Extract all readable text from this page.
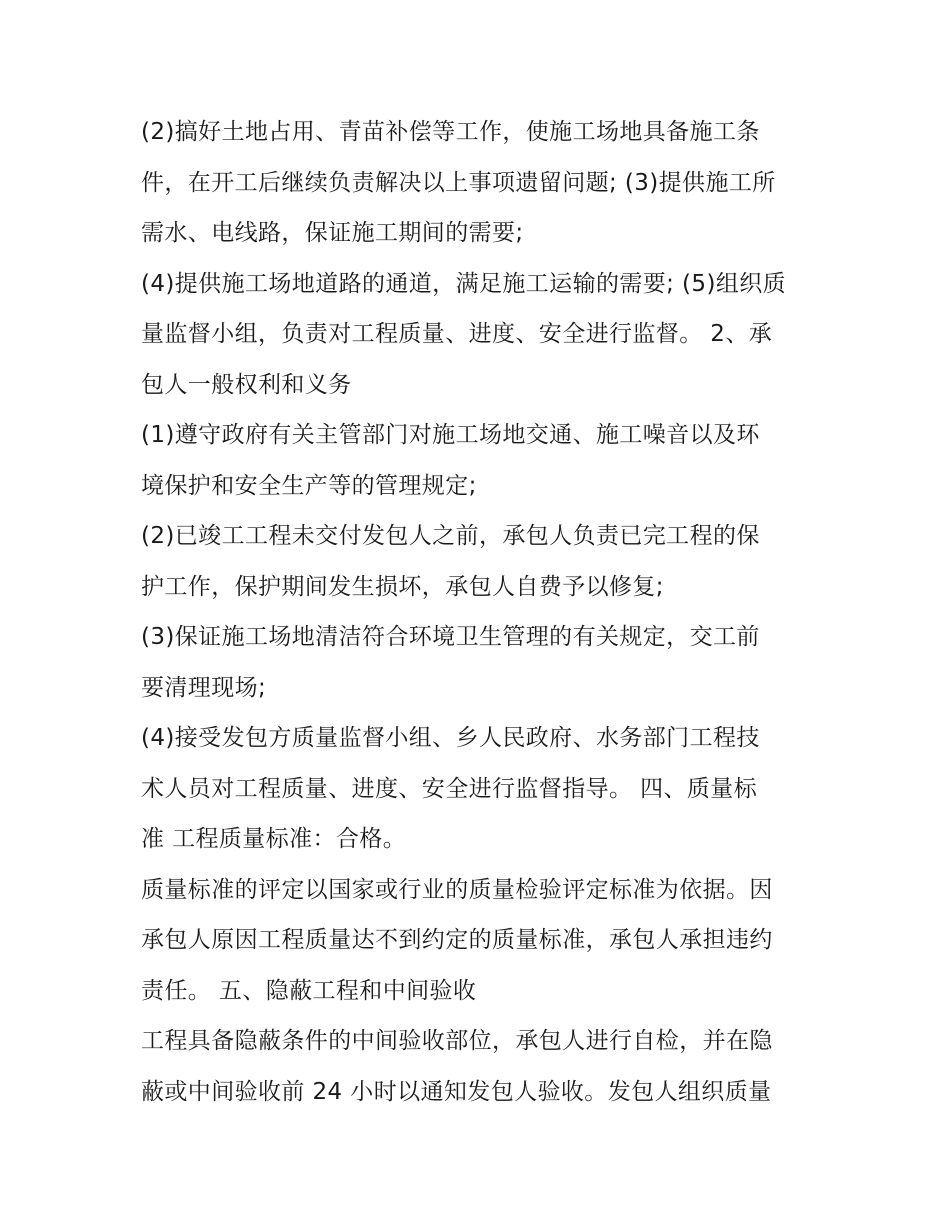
(2)搞好土地占用、青苗补偿等工作，使施工场地具备施工条
件，在开工后继续负责解决以上事项遗留问题; (3)提供施工所
需水、电线路，保证施工期间的需要;
(4)提供施工场地道路的通道，满足施工运输的需要; (5)组织质
量监督小组，负责对工程质量、进度、安全进行监督。 2、承
包人一般权利和义务
(1)遵守政府有关主管部门对施工场地交通、施工噪音以及环
境保护和安全生产等的管理规定;
(2)已竣工工程未交付发包人之前，承包人负责已完工程的保
护工作，保护期间发生损坏，承包人自费予以修复;
(3)保证施工场地清洁符合环境卫生管理的有关规定，交工前
要清理现场;
(4)接受发包方质量监督小组、乡人民政府、水务部门工程技
术人员对工程质量、进度、安全进行监督指导。 四、质量标
准 工程质量标准：合格。
质量标准的评定以国家或行业的质量检验评定标准为依据。因
承包人原因工程质量达不到约定的质量标准，承包人承担违约
责任。 五、隐蔽工程和中间验收
工程具备隐蔽条件的中间验收部位，承包人进行自检，并在隐
蔽或中间验收前 24 小时以通知发包人验收。发包人组织质量
